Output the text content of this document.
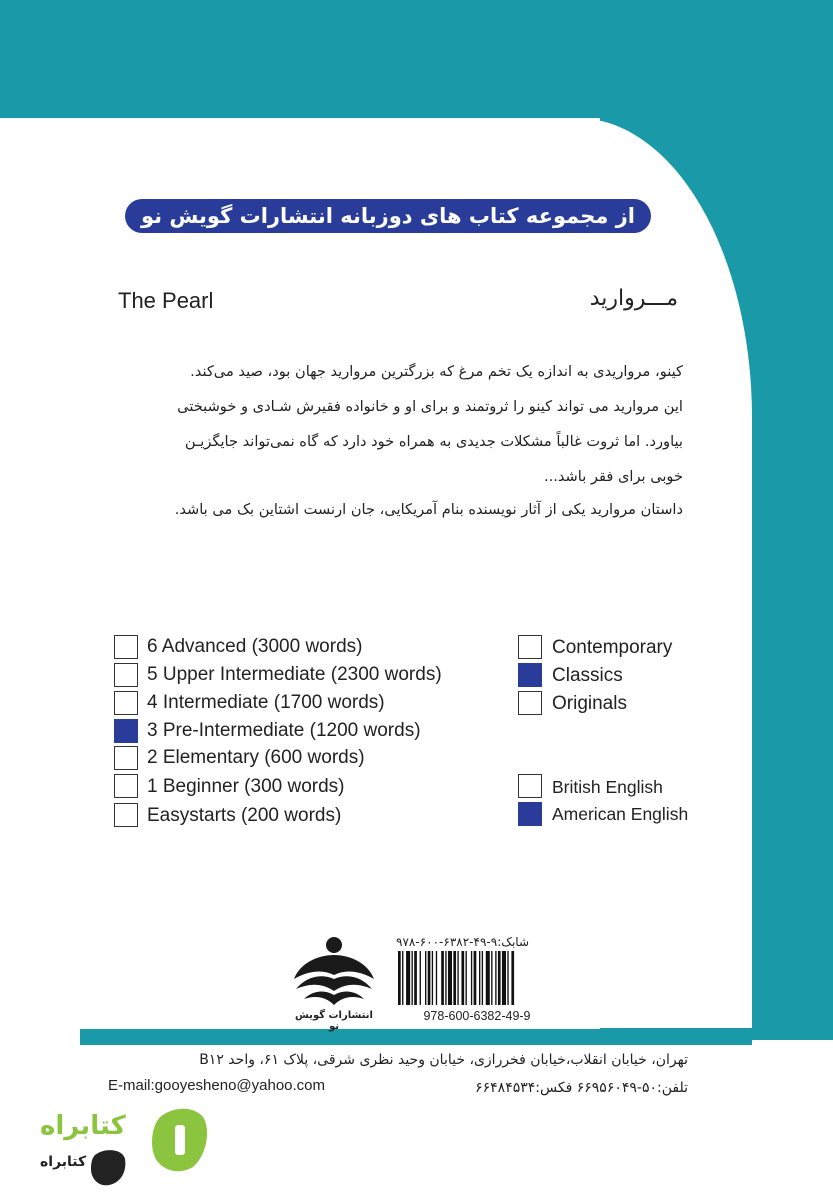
از مجموعه کتاب های دوزبانه انتشارات گویش نو
The Pearl	مـــروارید
کینو، مرواریدی به اندازه یک تخم مرغ که بزرگترین مروارید جهان بود، صید می‌کند.
این مروارید می تواند کینو را ثروتمند و برای او و خانواده فقیرش شـادی و خوشبختی
بیاورد. اما ثروت غالباً مشکلات جدیدی به همراه خود دارد که گاه نمی‌تواند جایگزیـن
خوبی برای فقر باشد...
داستان مروارید یکی از آثار نویسنده بنام آمریکایی، جان ارنست اشتاین بک می باشد.
6 Advanced (3000 words)
5 Upper Intermediate (2300 words)
4 Intermediate (1700 words)
3 Pre-Intermediate (1200 words)
2 Elementary (600 words)
1 Beginner (300 words)
Easystarts (200 words)
Contemporary
Classics
Originals
British English
American English
انتشارات گویش نو
شابک:۹-۴۹-۶۳۸۲-۶۰۰-۹۷۸
978-600-6382-49-9
تهران، خیابان انقلاب،خیابان فخررازی، خیابان وحید نظری شرقی، پلاک ۶۱، واحد B۱۲
E-mail:gooyesheno@yahoo.com	تلفن:۵۰-۶۶۹۵۶۰۴۹ فکس:۶۶۴۸۴۵۳۴
کتابراه
کتابراه
